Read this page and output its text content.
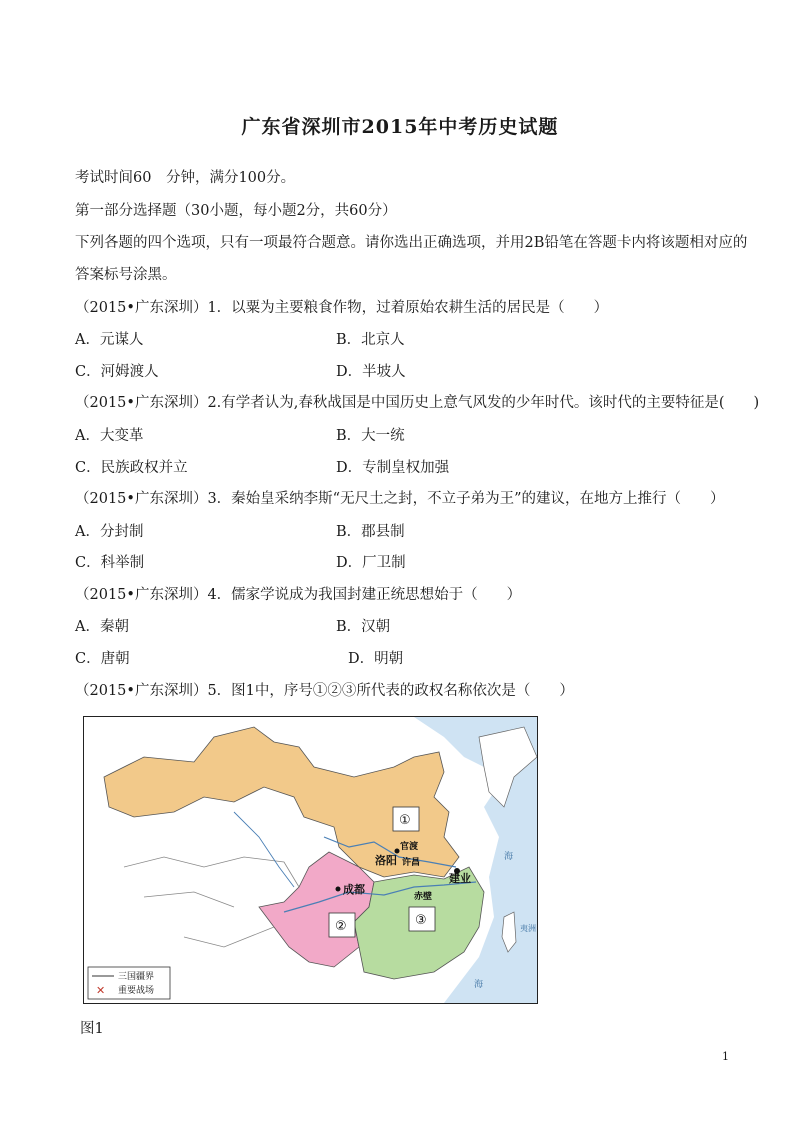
广东省深圳市2015年中考历史试题
考试时间60　分钟，满分100分。
第一部分选择题（30小题，每小题2分，共60分）
下列各题的四个选项，只有一项最符合题意。请你选出正确选项，并用2B铅笔在答题卡内将该题相对应的
答案标号涂黑。
（2015•广东深圳）1．以粟为主要粮食作物，过着原始农耕生活的居民是（　　）
A．元谋人	B．北京人
C．河姆渡人	D．半坡人
（2015•广东深圳）2.有学者认为,春秋战国是中国历史上意气风发的少年时代。该时代的主要特征是(　　)
A．大变革	B．大一统
C．民族政权并立	D．专制皇权加强
（2015•广东深圳）3．秦始皇采纳李斯“无尺土之封，不立子弟为王”的建议，在地方上推行（　　）
A．分封制	B．郡县制
C．科举制	D．厂卫制
（2015•广东深圳）4．儒家学说成为我国封建正统思想始于（　　）
A．秦朝	B．汉朝
C．唐朝	D．明朝
（2015•广东深圳）5．图1中，序号①②③所代表的政权名称依次是（　　）
①
②	③
洛阳
官渡
许昌
成都
建业
赤壁
海
海
夷洲
三国疆界
✕ 重要战场
图1
1
